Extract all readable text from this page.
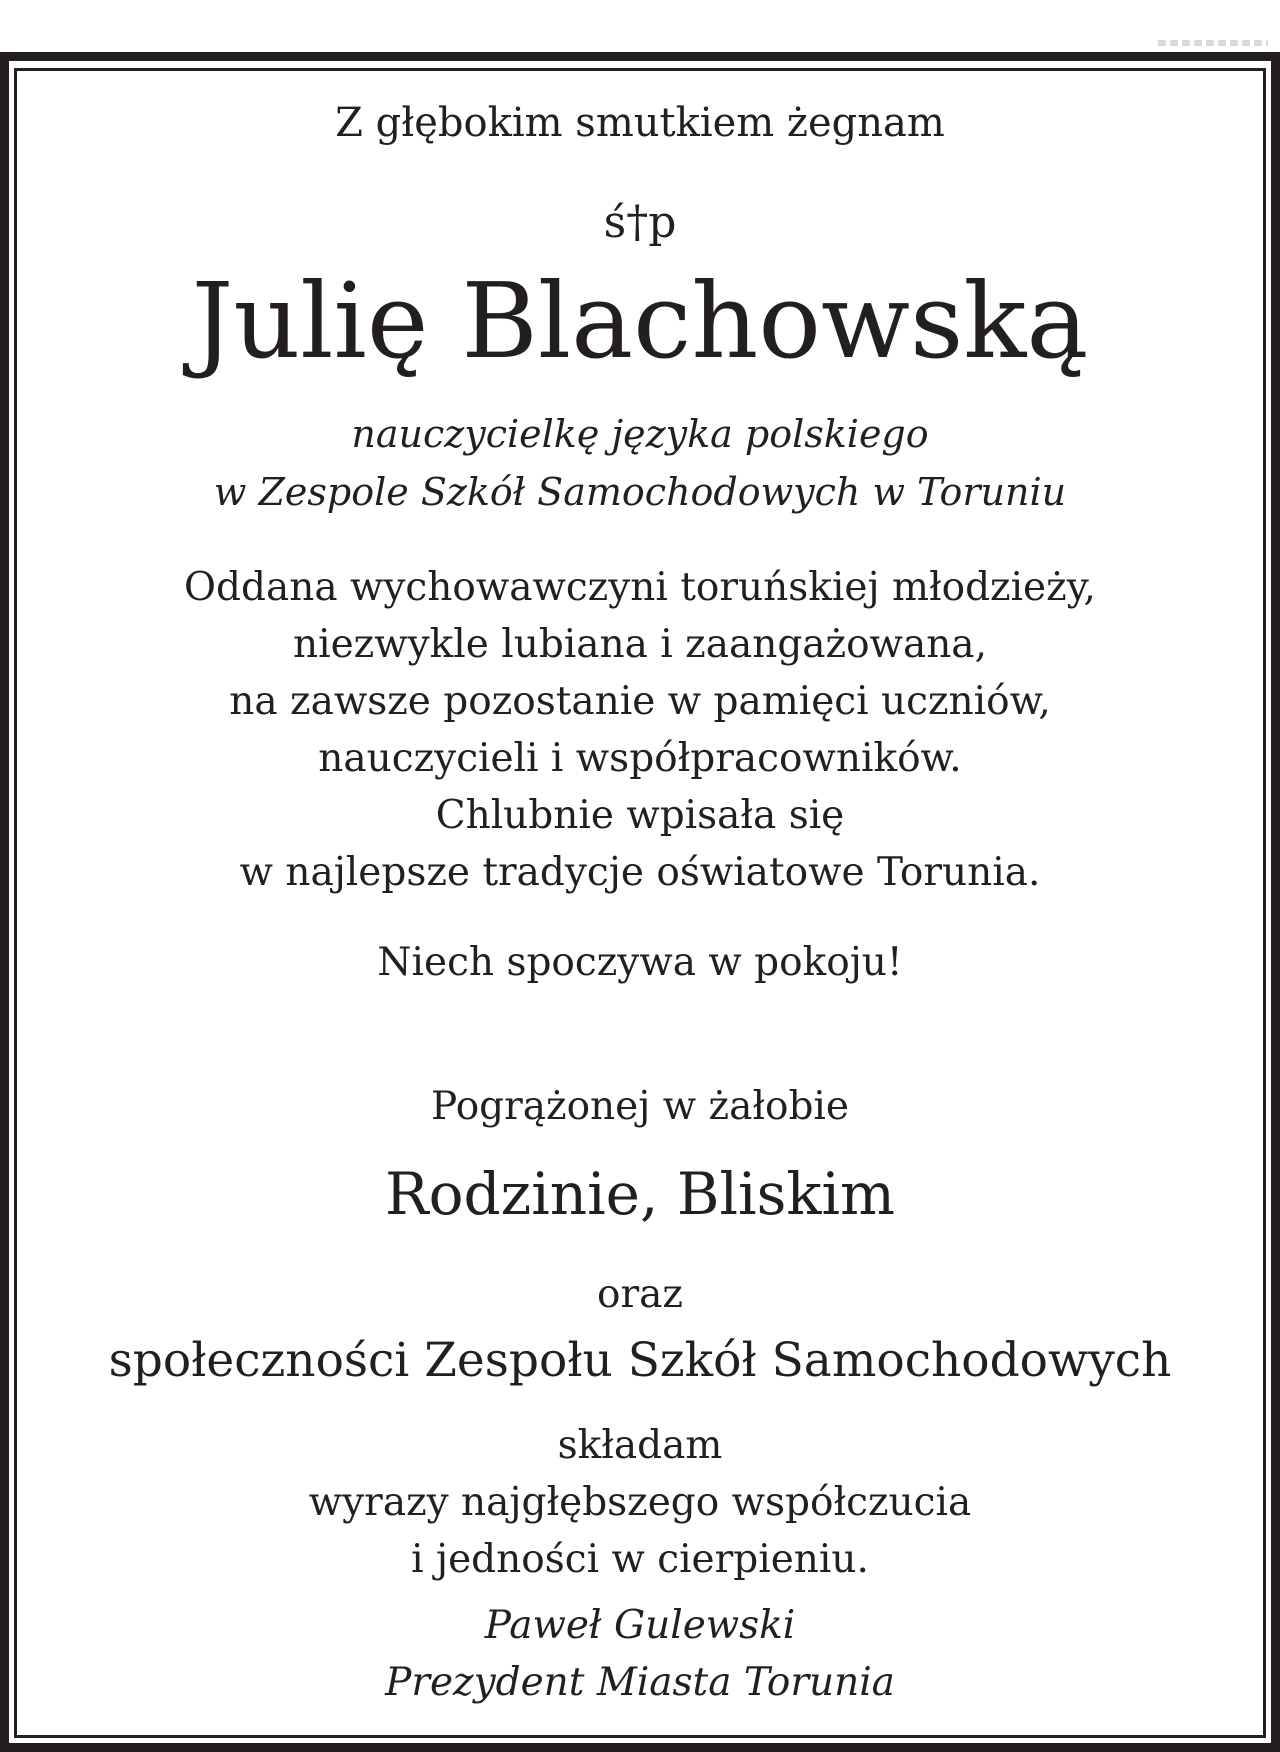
Z głębokim smutkiem żegnam
ś†p
Julię Blachowską
nauczycielkę języka polskiego
w Zespole Szkół Samochodowych w Toruniu
Oddana wychowawczyni toruńskiej młodzieży,
niezwykle lubiana i zaangażowana,
na zawsze pozostanie w pamięci uczniów,
nauczycieli i współpracowników.
Chlubnie wpisała się
w najlepsze tradycje oświatowe Torunia.
Niech spoczywa w pokoju!
Pogrążonej w żałobie
Rodzinie, Bliskim
oraz
społeczności Zespołu Szkół Samochodowych
składam
wyrazy najgłębszego współczucia
i jedności w cierpieniu.
Paweł Gulewski
Prezydent Miasta Torunia
